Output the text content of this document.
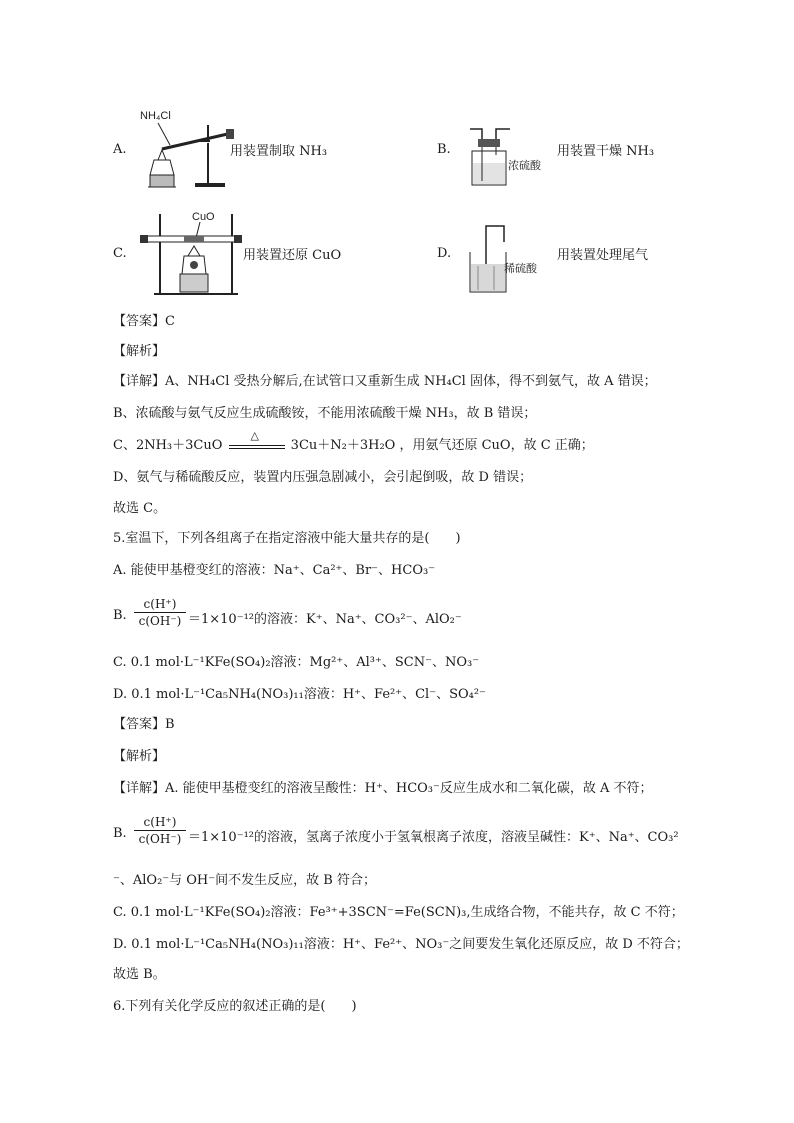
A.
NH₄Cl
用装置制取 NH₃	B.
浓硫酸
用装置干燥 NH₃
C.
CuO
用装置还原 CuO	D.
稀硫酸
用装置处理尾气
【答案】C
【解析】
【详解】A、NH₄Cl 受热分解后,在试管口又重新生成 NH₄Cl 固体，得不到氨气，故 A 错误；
B、浓硫酸与氨气反应生成硫酸铵，不能用浓硫酸干燥 NH₃，故 B 错误；
C、2NH₃＋3CuO
△
3Cu＋N₂＋3H₂O ，用氨气还原 CuO，故 C 正确；
D、氨气与稀硫酸反应，装置内压强急剧减小，会引起倒吸，故 D 错误；
故选 C。
5.室温下，下列各组离子在指定溶液中能大量共存的是(　　)
A. 能使甲基橙变红的溶液：Na⁺、Ca²⁺、Br⁻、HCO₃⁻
B.
c(H⁺)
c(OH⁻) ＝1×10⁻¹²的溶液：K⁺、Na⁺、CO₃²⁻、AlO₂⁻
C. 0.1 mol·L⁻¹KFe(SO₄)₂溶液：Mg²⁺、Al³⁺、SCN⁻、NO₃⁻
D. 0.1 mol·L⁻¹Ca₅NH₄(NO₃)₁₁溶液：H⁺、Fe²⁺、Cl⁻、SO₄²⁻
【答案】B
【解析】
【详解】A. 能使甲基橙变红的溶液呈酸性：H⁺、HCO₃⁻反应生成水和二氧化碳，故 A 不符；
B.
c(H⁺)
c(OH⁻) ＝1×10⁻¹²的溶液，氢离子浓度小于氢氧根离子浓度，溶液呈碱性：K⁺、Na⁺、CO₃²
⁻、AlO₂⁻与 OH⁻间不发生反应，故 B 符合；
C. 0.1 mol·L⁻¹KFe(SO₄)₂溶液：Fe³⁺+3SCN⁻=Fe(SCN)₃,生成络合物，不能共存，故 C 不符；
D. 0.1 mol·L⁻¹Ca₅NH₄(NO₃)₁₁溶液：H⁺、Fe²⁺、NO₃⁻之间要发生氧化还原反应，故 D 不符合；
故选 B。
6.下列有关化学反应的叙述正确的是(　　)
